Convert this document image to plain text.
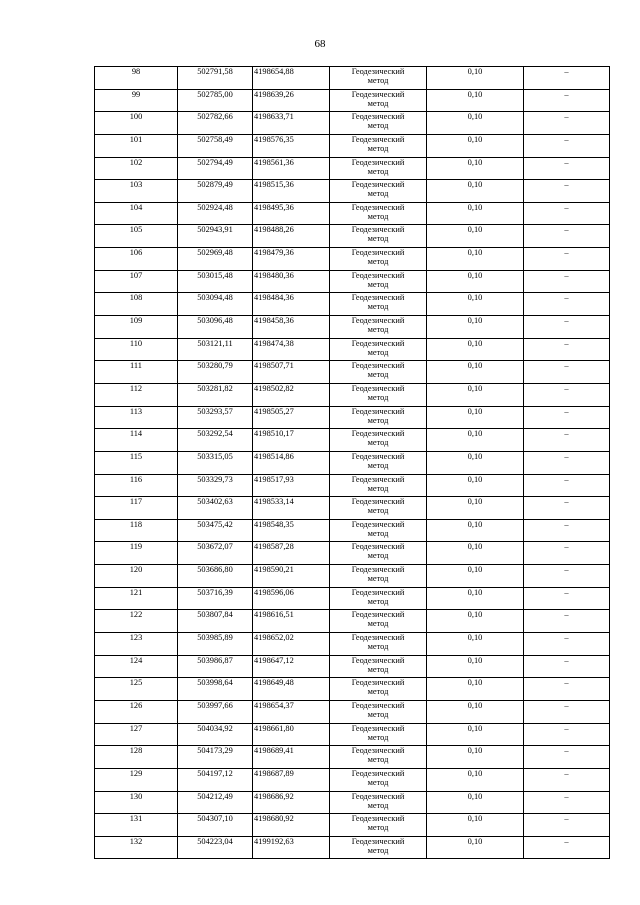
68
98	502791,58	4198654,88	Геодезический
метод	0,10	–
99	502785,00	4198639,26	Геодезический
метод	0,10	–
100	502782,66	4198633,71	Геодезический
метод	0,10	–
101	502758,49	4198576,35	Геодезический
метод	0,10	–
102	502794,49	4198561,36	Геодезический
метод	0,10	–
103	502879,49	4198515,36	Геодезический
метод	0,10	–
104	502924,48	4198495,36	Геодезический
метод	0,10	–
105	502943,91	4198488,26	Геодезический
метод	0,10	–
106	502969,48	4198479,36	Геодезический
метод	0,10	–
107	503015,48	4198480,36	Геодезический
метод	0,10	–
108	503094,48	4198484,36	Геодезический
метод	0,10	–
109	503096,48	4198458,36	Геодезический
метод	0,10	–
110	503121,11	4198474,38	Геодезический
метод	0,10	–
111	503280,79	4198507,71	Геодезический
метод	0,10	–
112	503281,82	4198502,82	Геодезический
метод	0,10	–
113	503293,57	4198505,27	Геодезический
метод	0,10	–
114	503292,54	4198510,17	Геодезический
метод	0,10	–
115	503315,05	4198514,86	Геодезический
метод	0,10	–
116	503329,73	4198517,93	Геодезический
метод	0,10	–
117	503402,63	4198533,14	Геодезический
метод	0,10	–
118	503475,42	4198548,35	Геодезический
метод	0,10	–
119	503672,07	4198587,28	Геодезический
метод	0,10	–
120	503686,80	4198590,21	Геодезический
метод	0,10	–
121	503716,39	4198596,06	Геодезический
метод	0,10	–
122	503807,84	4198616,51	Геодезический
метод	0,10	–
123	503985,89	4198652,02	Геодезический
метод	0,10	–
124	503986,87	4198647,12	Геодезический
метод	0,10	–
125	503998,64	4198649,48	Геодезический
метод	0,10	–
126	503997,66	4198654,37	Геодезический
метод	0,10	–
127	504034,92	4198661,80	Геодезический
метод	0,10	–
128	504173,29	4198689,41	Геодезический
метод	0,10	–
129	504197,12	4198687,89	Геодезический
метод	0,10	–
130	504212,49	4198686,92	Геодезический
метод	0,10	–
131	504307,10	4198680,92	Геодезический
метод	0,10	–
132	504223,04	4199192,63	Геодезический
метод	0,10	–
